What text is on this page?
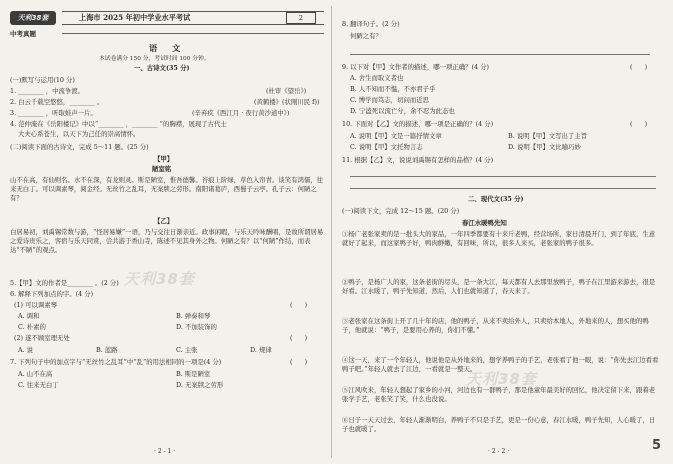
天利38套
中考真题
上海市 2025 年初中学业水平考试	2
语 文
本试卷满分 150 分，考试时间 100 分钟。
一、古诗文(35 分)
(一)默写与运用(10 分)
1. ________ ，中流争渡。	(杜审《望岳》)
2. 白云千载空悠悠，________ 。	(黄鹤楼》(状刚川民 f))
3. ________ ，听取蛙声一片。	(辛弃疾《西江月 · 夜行黄沙道中》)
4. 范仲淹在《岳阳楼记》中以“________ ，________ ”的胸襟，展现了古代士
大夫心系苍生，以天下为己任的崇高情怀。
(二)阅读下面的古诗文，完成 5～11 题。(25 分)
【甲】
陋室铭
山不在高，有仙则名。水不在深，有龙则灵。斯是陋室，惟吾德馨。苔痕上阶绿，草色入帘青。谈笑有鸿儒，往来无白丁。可以调素琴，阅金经。无丝竹之乱耳，无案牍之劳形。南阳诸葛庐，西蜀子云亭。孔子云：何陋之有？
【乙】
白居易初，刘禹锡常数与游，“怪居易嫌”一语，乃与交往日渐亲近。政事闲暇，与乐天吟咏酬唱，是故所谓居易之爱诗贵乐之，客宿与乐天同赏，尝共游于香山寺，陈述不见其身外之物。何陋之有？以“何陋”作结，而表达“不陋”的观点。
5.【甲】文的作者是________ 。(2 分)
6. 解释下列加点的字。(4 分)
(1) 可以调素琴	(      )
A. 调和	B. 弹奏和琴
C. 朴素的	D. 不加装饰的
(2) 遂不顾室理无处	(      )
A. 说	B. 蓝路	C. 主张	D. 规律
7. 下列句子中的加点字与“无丝竹之乱耳”中“乱”的用法相同的一项是(4 分)	(      )
A. 山不在高	B. 斯是陋室
C. 往来无白丁	D. 无案牍之劳形
天利38套
· 2 - 1 ·
8. 翻译句子。(2 分)
何陋之有？
9. 以下对【甲】文作者的描述，哪一项正确？(4 分)	(      )
A. 舍生而取义者也
B. 人不知而不愠，不亦君子乎
C. 博学而笃志，切问而近思
D. 宁溘死以流亡兮，余不忍为此态也
10. 下面对【乙】文的描述，哪一项是正确的？(4 分)	(      )
A. 说明【甲】文是一篇抒情文章	B. 说明【甲】文写出了主旨
C. 说明【甲】文托物言志	D. 说明【甲】文比喻巧妙
11. 根据【乙】文，说说刘禹锡有怎样的品格？(4 分)
二、现代文(35 分)
(一)阅读下文，完成 12～15 题。(20 分)
春江水暖鸭先知
①杨广老张家卖的是一批头大的家品，一年四季都要有十来斤老鸭，经营场所，家日清晨开门，到了年底，生意就好了起来，而这家鸭子好，鸭肉鲜嫩，有回味，所以，很多人来买，老张家的鸭子很多。
②鸭子，是杨广人的家，这条老街的尽头，是一条大江，每天都有人去那里放鸭子，鸭子在江里游来游去，很是好看。江水暖了，鸭子先知道，然后，人们也就知道了，春天来了。
③老张家在这条街上开了几十年的店，他的鸭子，从来不卖给外人，只卖给本地人，外地来的人，想买他的鸭子，他就说：“鸭子，是要用心养的，你们不懂。”
④这一天，来了一个年轻人，他说他是从外地来的，想学养鸭子的手艺，老张看了他一眼，说：“你先去江边看看鸭子吧。”年轻人就去了江边，一看就是一整天。
⑤江风吹来，年轻人想起了家乡的小河，河边也有一群鸭子，那是他童年最美好的回忆，他决定留下来，跟着老张学手艺，老张笑了笑，什么也没说。
⑥日子一天天过去，年轻人渐渐明白，养鸭子不只是手艺，更是一份心意，春江水暖，鸭子先知，人心暖了，日子也就暖了。
天利38套
· 2 - 2 ·	5
